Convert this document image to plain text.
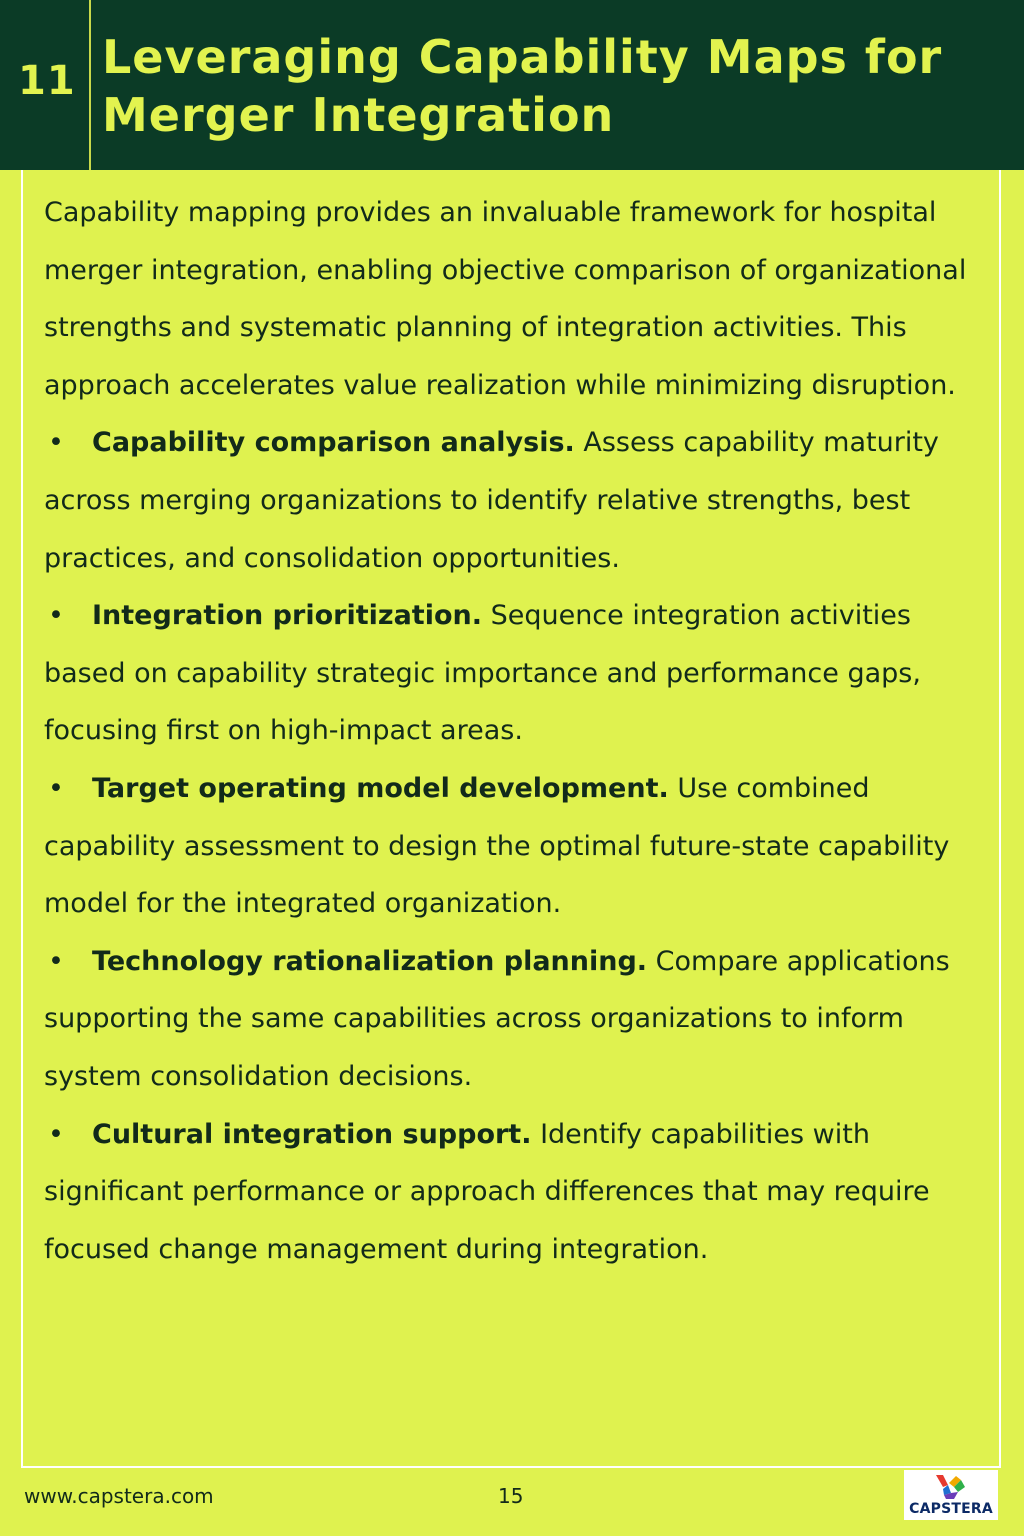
11 Leveraging Capability Maps for Merger Integration

Capability mapping provides an invaluable framework for hospital merger integration, enabling objective comparison of organizational strengths and systematic planning of integration activities. This approach accelerates value realization while minimizing disruption.

• Capability comparison analysis. Assess capability maturity across merging organizations to identify relative strengths, best practices, and consolidation opportunities.

• Integration prioritization. Sequence integration activities based on capability strategic importance and performance gaps, focusing first on high-impact areas.

• Target operating model development. Use combined capability assessment to design the optimal future-state capability model for the integrated organization.

• Technology rationalization planning. Compare applications supporting the same capabilities across organizations to inform system consolidation decisions.

• Cultural integration support. Identify capabilities with significant performance or approach differences that may require focused change management during integration.

www.capstera.com	15
CAPSTERA
